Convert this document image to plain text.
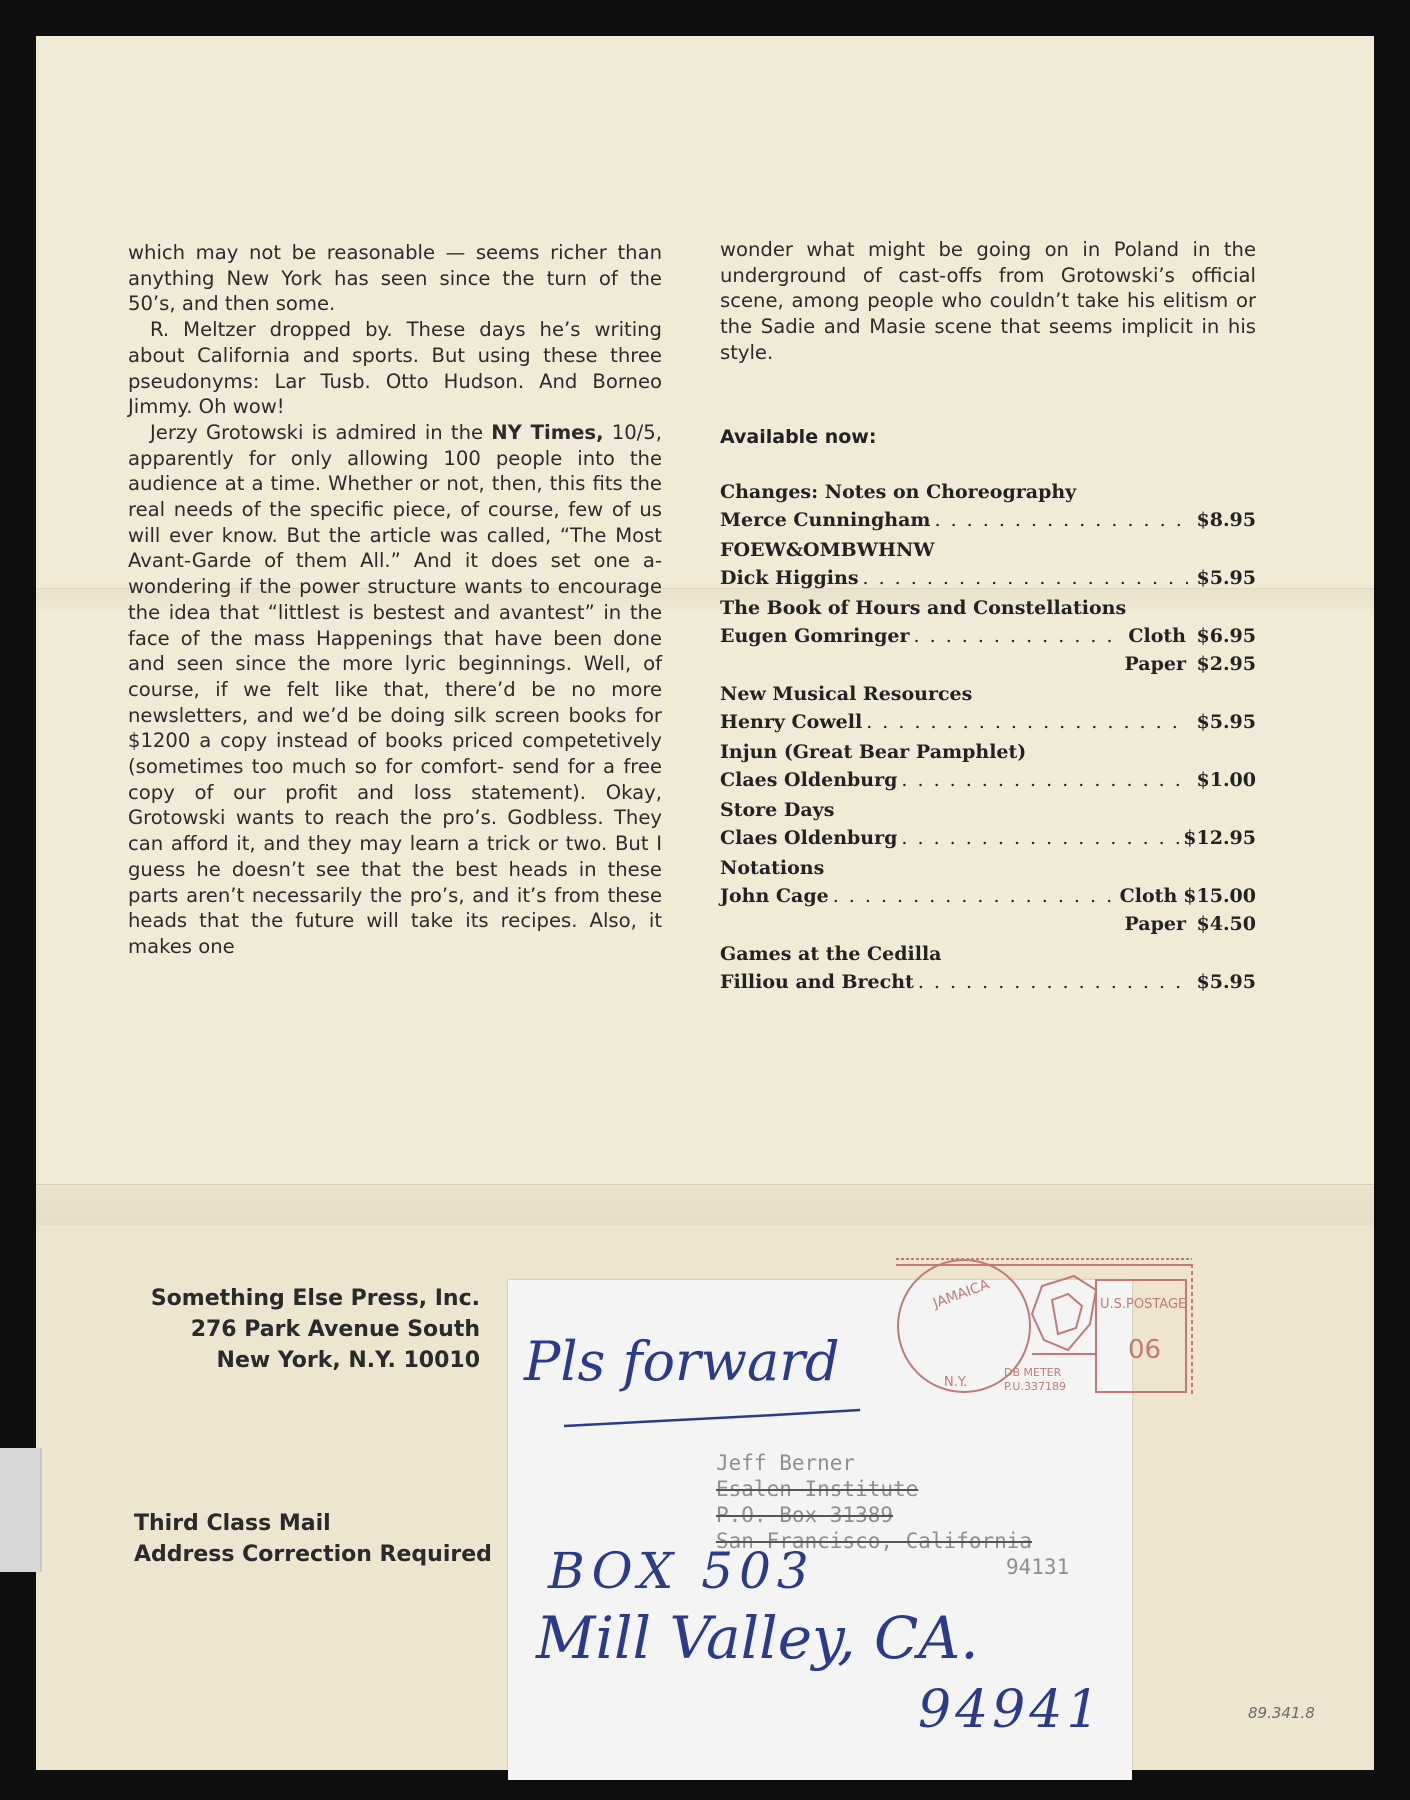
which may not be reasonable — seems richer than anything New York has seen since the turn of the 50’s, and then some.

R. Meltzer dropped by. These days he’s writing about California and sports. But using these three pseudonyms: Lar Tusb. Otto Hudson. And Borneo Jimmy. Oh wow!

Jerzy Grotowski is admired in the NY Times, 10/5, apparently for only allowing 100 people into the audience at a time. Whether or not, then, this fits the real needs of the specific piece, of course, few of us will ever know. But the article was called, “The Most Avant-Garde of them All.” And it does set one a-wondering if the power structure wants to encourage the idea that “littlest is bestest and avantest” in the face of the mass Happenings that have been done and seen since the more lyric beginnings. Well, of course, if we felt like that, there’d be no more newsletters, and we’d be doing silk screen books for $1200 a copy instead of books priced competetively (sometimes too much so for comfort- send for a free copy of our profit and loss statement). Okay, Grotowski wants to reach the pro’s. Godbless. They can afford it, and they may learn a trick or two. But I guess he doesn’t see that the best heads in these parts aren’t necessarily the pro’s, and it’s from these heads that the future will take its recipes. Also, it makes one

wonder what might be going on in Poland in the underground of cast-offs from Grotowski’s official scene, among people who couldn’t take his elitism or the Sadie and Masie scene that seems implicit in his style.

Available now:
Changes: Notes on Choreography
Merce Cunningham . . .	$8.95
FOEW&OMBWHNW
Dick Higgins . . .	$5.95
The Book of Hours and Constellations
Eugen Gomringer . . .	Cloth $6.95
Paper $2.95
New Musical Resources
Henry Cowell . . .	$5.95
Injun (Great Bear Pamphlet)
Claes Oldenburg . . .	$1.00
Store Days
Claes Oldenburg . . .	$12.95
Notations
John Cage . . .	Cloth $15.00
Paper $4.50
Games at the Cedilla
Filliou and Brecht . . .	$5.95
Something Else Press, Inc.
276 Park Avenue South
New York, N.Y. 10010
Third Class Mail
Address Correction Required
JAMAICA
N.Y.
U.S.POSTAGE
06
DB METER
P.U.337189
Pls forward
Jeff Berner
Esalen Institute
P.O. Box 31389
San Francisco, California
94131
BOX 503
Mill Valley, CA.
94941	89.341.8
